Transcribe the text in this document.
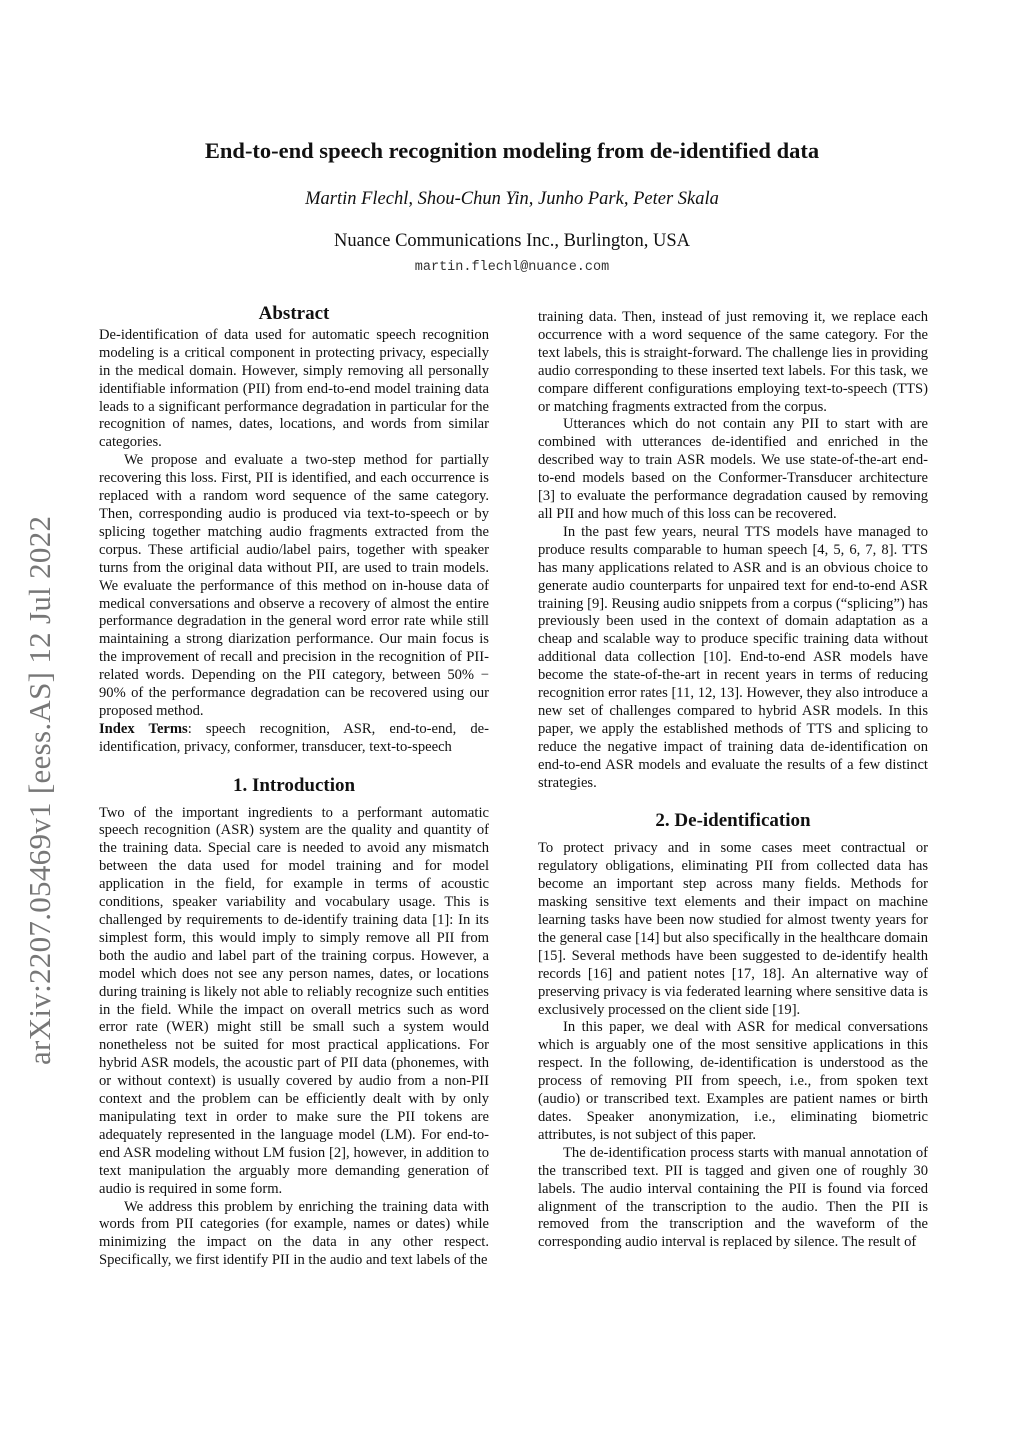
arXiv:2207.05469v1 [eess.AS] 12 Jul 2022
End-to-end speech recognition modeling from de-identified data
Martin Flechl, Shou-Chun Yin, Junho Park, Peter Skala
Nuance Communications Inc., Burlington, USA
martin.flechl@nuance.com
Abstract

De-identification of data used for automatic speech recognition modeling is a critical component in protecting privacy, especially in the medical domain. However, simply removing all personally identifiable information (PII) from end-to-end model training data leads to a significant performance degradation in particular for the recognition of names, dates, locations, and words from similar categories.

We propose and evaluate a two-step method for partially recovering this loss. First, PII is identified, and each occurrence is replaced with a random word sequence of the same category. Then, corresponding audio is produced via text-to-speech or by splicing together matching audio fragments extracted from the corpus. These artificial audio/label pairs, together with speaker turns from the original data without PII, are used to train models. We evaluate the performance of this method on in-house data of medical conversations and observe a recovery of almost the entire performance degradation in the general word error rate while still maintaining a strong diarization performance. Our main focus is the improvement of recall and precision in the recognition of PII-related words. Depending on the PII category, between 50% − 90% of the performance degradation can be recovered using our proposed method.

Index Terms: speech recognition, ASR, end-to-end, de-identification, privacy, conformer, transducer, text-to-speech

1. Introduction

Two of the important ingredients to a performant automatic speech recognition (ASR) system are the quality and quantity of the training data. Special care is needed to avoid any mismatch between the data used for model training and for model application in the field, for example in terms of acoustic conditions, speaker variability and vocabulary usage. This is challenged by requirements to de-identify training data [1]: In its simplest form, this would imply to simply remove all PII from both the audio and label part of the training corpus. However, a model which does not see any person names, dates, or locations during training is likely not able to reliably recognize such entities in the field. While the impact on overall metrics such as word error rate (WER) might still be small such a system would nonetheless not be suited for most practical applications. For hybrid ASR models, the acoustic part of PII data (phonemes, with or without context) is usually covered by audio from a non-PII context and the problem can be efficiently dealt with by only manipulating text in order to make sure the PII tokens are adequately represented in the language model (LM). For end-to-end ASR modeling without LM fusion [2], however, in addition to text manipulation the arguably more demanding generation of audio is required in some form.

We address this problem by enriching the training data with words from PII categories (for example, names or dates) while minimizing the impact on the data in any other respect. Specifically, we first identify PII in the audio and text labels of the

training data. Then, instead of just removing it, we replace each occurrence with a word sequence of the same category. For the text labels, this is straight-forward. The challenge lies in providing audio corresponding to these inserted text labels. For this task, we compare different configurations employing text-to-speech (TTS) or matching fragments extracted from the corpus.

Utterances which do not contain any PII to start with are combined with utterances de-identified and enriched in the described way to train ASR models. We use state-of-the-art end-to-end models based on the Conformer-Transducer architecture [3] to evaluate the performance degradation caused by removing all PII and how much of this loss can be recovered.

In the past few years, neural TTS models have managed to produce results comparable to human speech [4, 5, 6, 7, 8]. TTS has many applications related to ASR and is an obvious choice to generate audio counterparts for unpaired text for end-to-end ASR training [9]. Reusing audio snippets from a corpus (“splicing”) has previously been used in the context of domain adaptation as a cheap and scalable way to produce specific training data without additional data collection [10]. End-to-end ASR models have become the state-of-the-art in recent years in terms of reducing recognition error rates [11, 12, 13]. However, they also introduce a new set of challenges compared to hybrid ASR models. In this paper, we apply the established methods of TTS and splicing to reduce the negative impact of training data de-identification on end-to-end ASR models and evaluate the results of a few distinct strategies.

2. De-identification

To protect privacy and in some cases meet contractual or regulatory obligations, eliminating PII from collected data has become an important step across many fields. Methods for masking sensitive text elements and their impact on machine learning tasks have been now studied for almost twenty years for the general case [14] but also specifically in the healthcare domain [15]. Several methods have been suggested to de-identify health records [16] and patient notes [17, 18]. An alternative way of preserving privacy is via federated learning where sensitive data is exclusively processed on the client side [19].

In this paper, we deal with ASR for medical conversations which is arguably one of the most sensitive applications in this respect. In the following, de-identification is understood as the process of removing PII from speech, i.e., from spoken text (audio) or transcribed text. Examples are patient names or birth dates. Speaker anonymization, i.e., eliminating biometric attributes, is not subject of this paper.

The de-identification process starts with manual annotation of the transcribed text. PII is tagged and given one of roughly 30 labels. The audio interval containing the PII is found via forced alignment of the transcription to the audio. Then the PII is removed from the transcription and the waveform of the corresponding audio interval is replaced by silence. The result of
